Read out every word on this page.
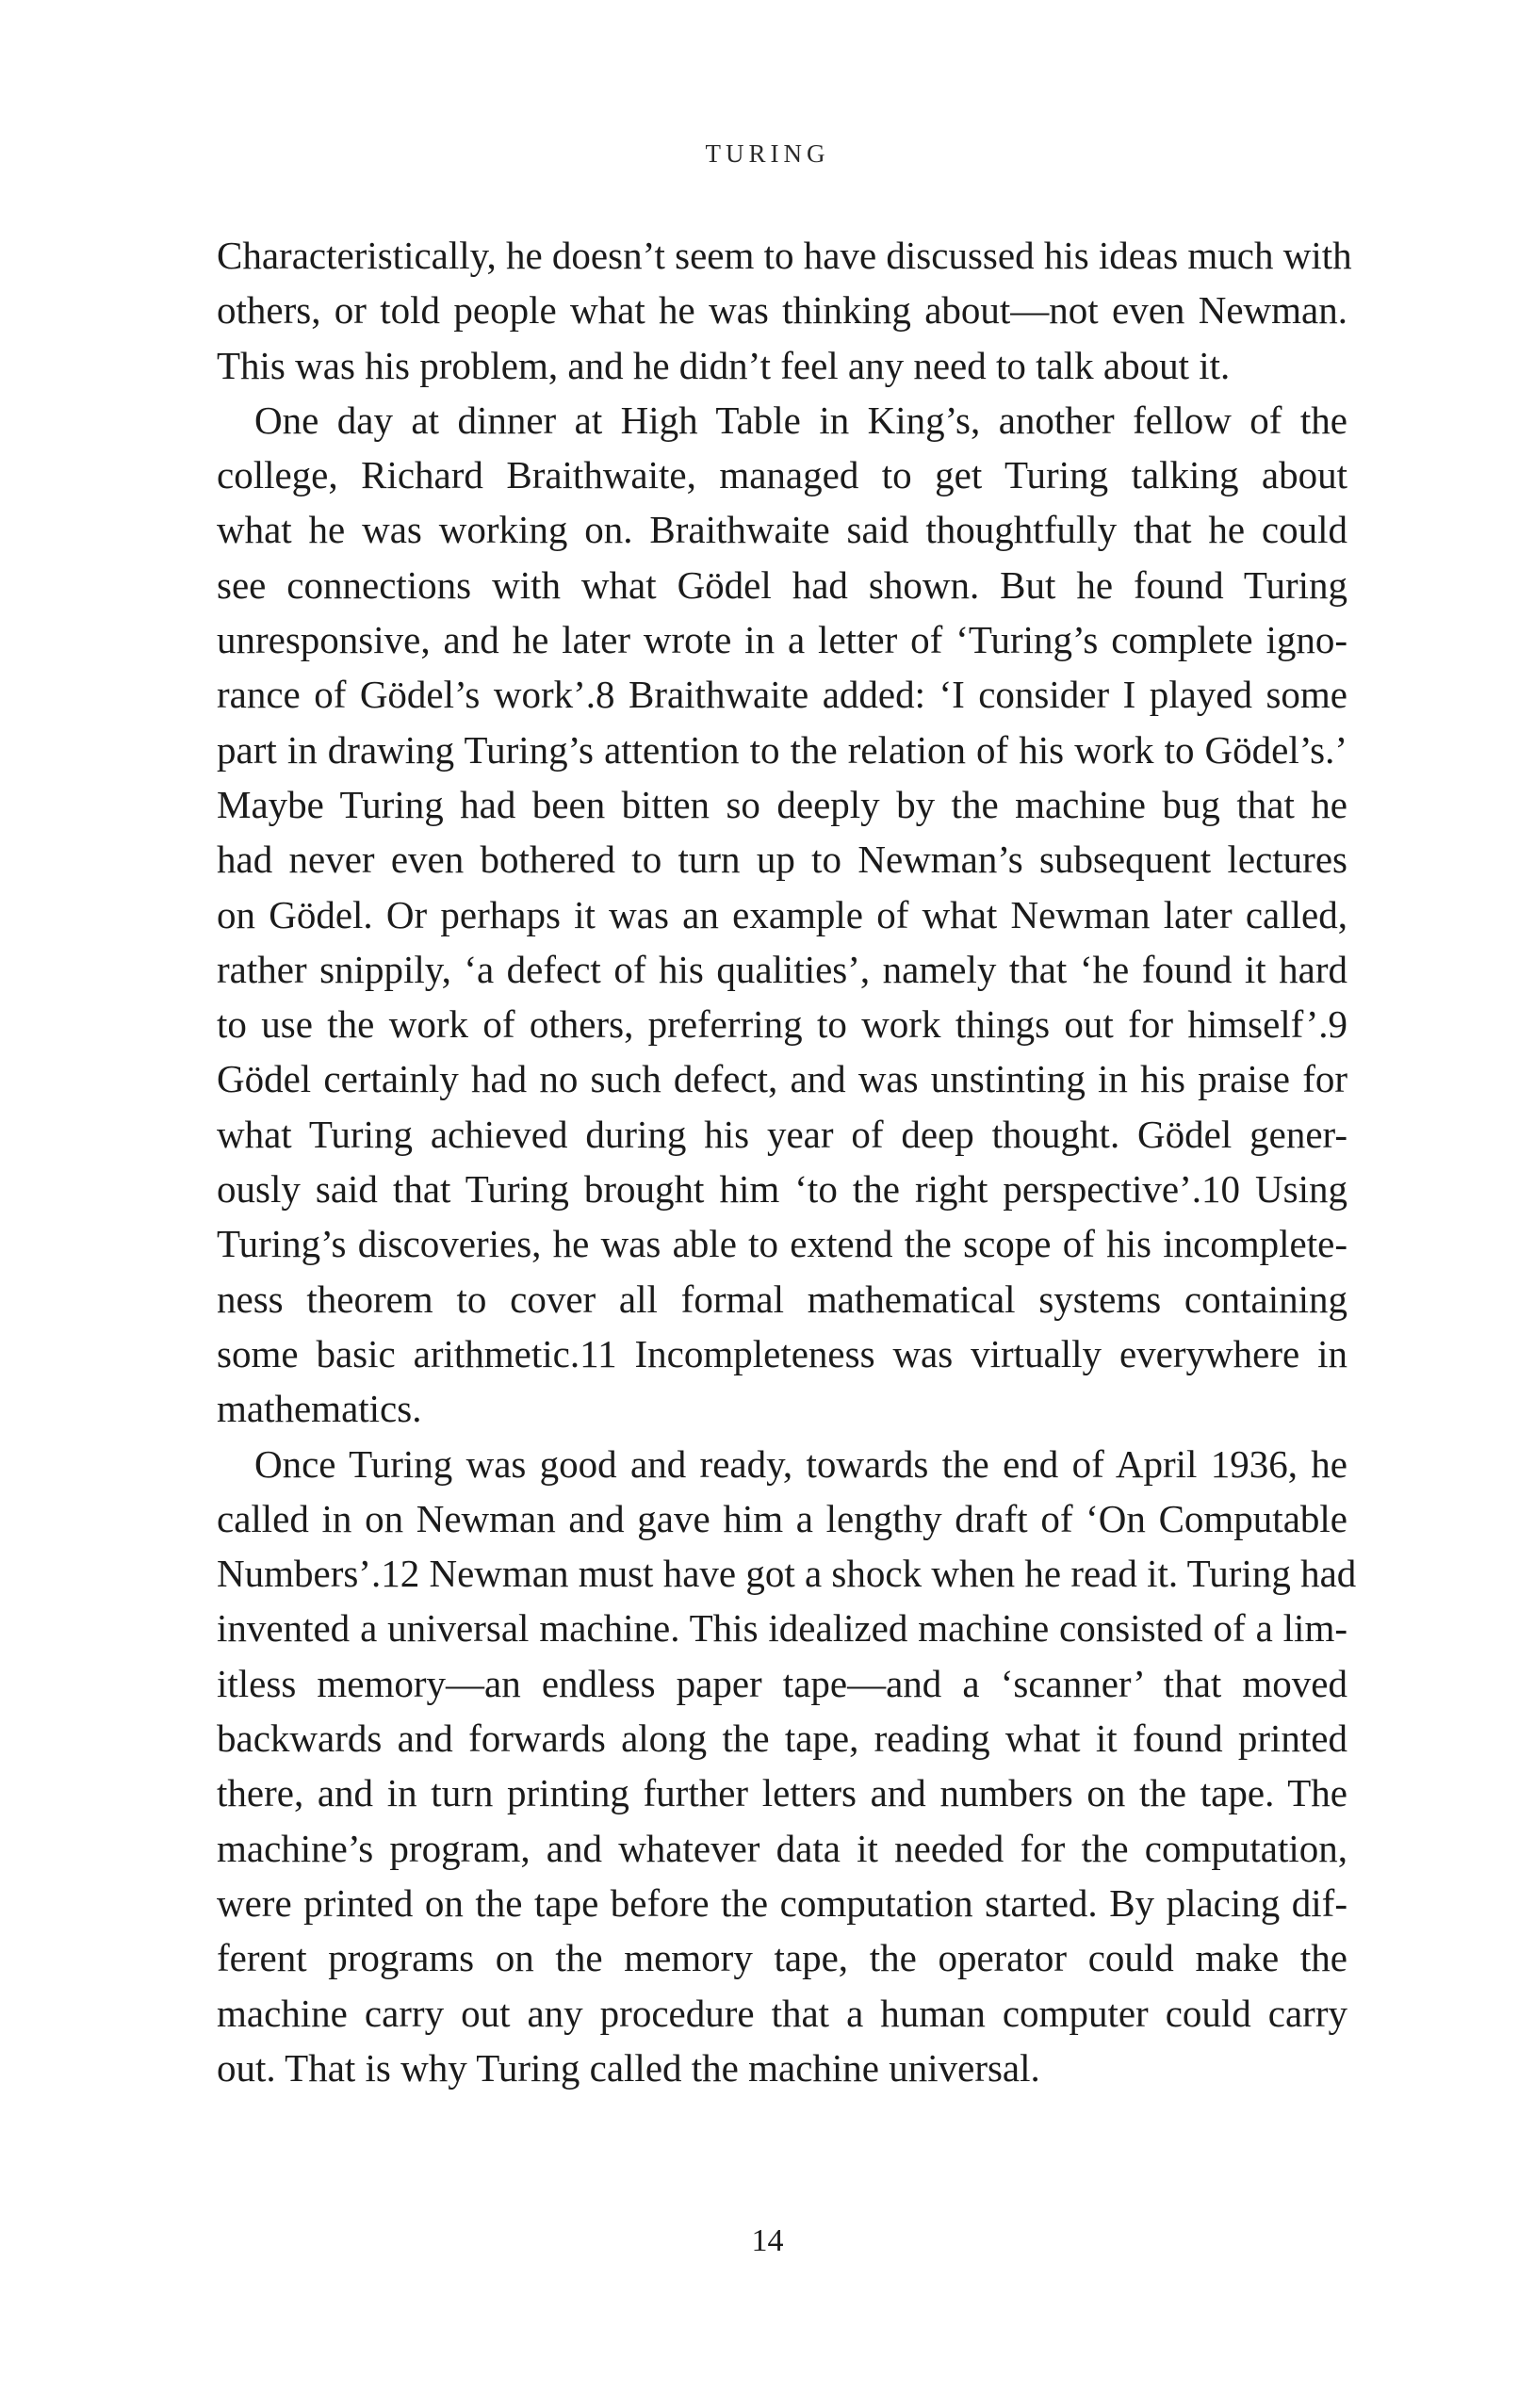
TURING
Characteristically, he doesn’t seem to have discussed his ideas much with
others, or told people what he was thinking about—not even Newman.
This was his problem, and he didn’t feel any need to talk about it.
One day at dinner at High Table in King’s, another fellow of the
college, Richard Braithwaite, managed to get Turing talking about
what he was working on. Braithwaite said thoughtfully that he could
see connections with what Gödel had shown. But he found Turing
unresponsive, and he later wrote in a letter of ‘Turing’s complete igno-
rance of Gödel’s work’.8 Braithwaite added: ‘I consider I played some
part in drawing Turing’s attention to the relation of his work to Gödel’s.’
Maybe Turing had been bitten so deeply by the machine bug that he
had never even bothered to turn up to Newman’s subsequent lectures
on Gödel. Or perhaps it was an example of what Newman later called,
rather snippily, ‘a defect of his qualities’, namely that ‘he found it hard
to use the work of others, preferring to work things out for himself’.9
Gödel certainly had no such defect, and was unstinting in his praise for
what Turing achieved during his year of deep thought. Gödel gener-
ously said that Turing brought him ‘to the right perspective’.10 Using
Turing’s discoveries, he was able to extend the scope of his incomplete-
ness theorem to cover all formal mathematical systems containing
some basic arithmetic.11 Incompleteness was virtually everywhere in
mathematics.
Once Turing was good and ready, towards the end of April 1936, he
called in on Newman and gave him a lengthy draft of ‘On Computable
Numbers’.12 Newman must have got a shock when he read it. Turing had
invented a universal machine. This idealized machine consisted of a lim-
itless memory—an endless paper tape—and a ‘scanner’ that moved
backwards and forwards along the tape, reading what it found printed
there, and in turn printing further letters and numbers on the tape. The
machine’s program, and whatever data it needed for the computation,
were printed on the tape before the computation started. By placing dif-
ferent programs on the memory tape, the operator could make the
machine carry out any procedure that a human computer could carry
out. That is why Turing called the machine universal.
14
